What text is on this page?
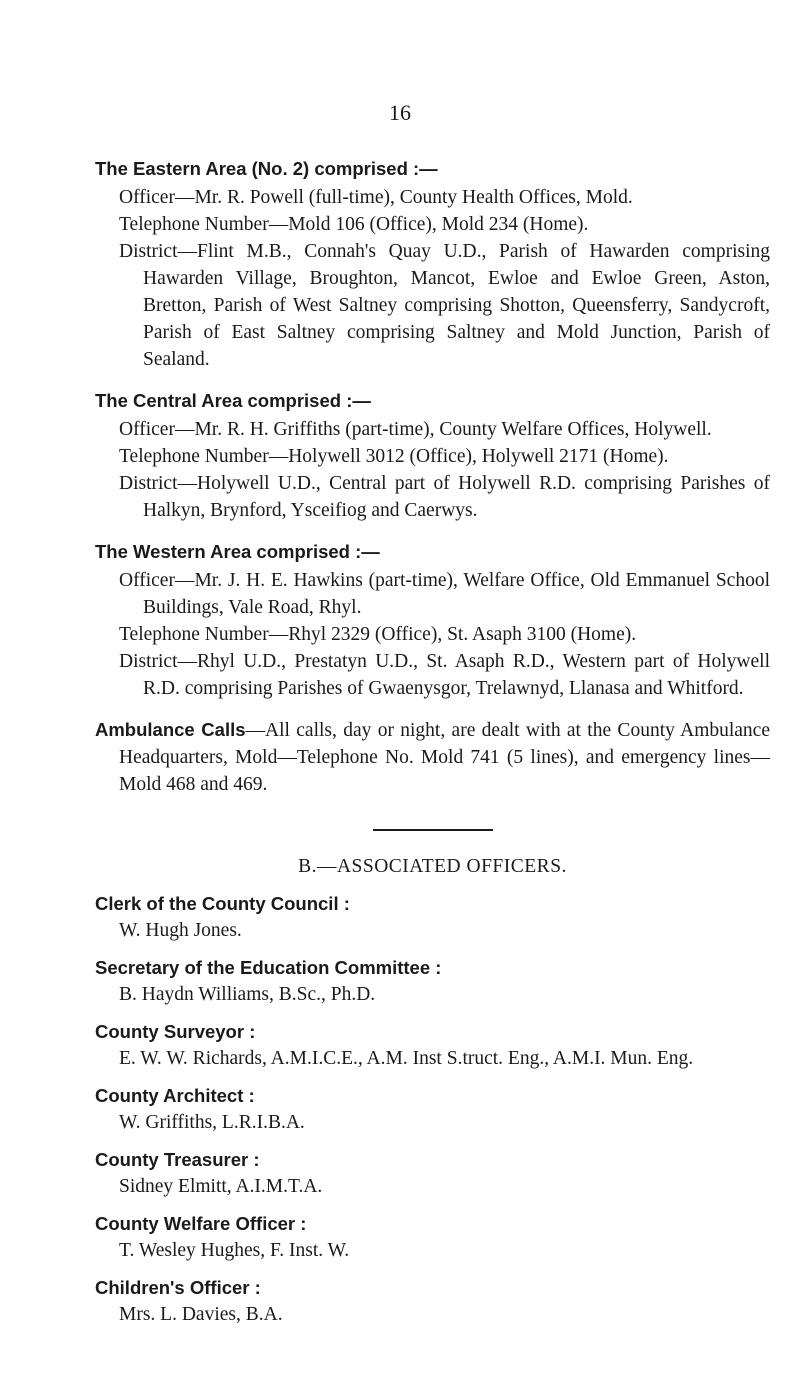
16
The Eastern Area (No. 2) comprised :—
Officer—Mr. R. Powell (full-time), County Health Offices, Mold.
Telephone Number—Mold 106 (Office), Mold 234 (Home).
District—Flint M.B., Connah's Quay U.D., Parish of Hawarden comprising Hawarden Village, Broughton, Mancot, Ewloe and Ewloe Green, Aston, Bretton, Parish of West Saltney comprising Shotton, Queensferry, Sandycroft, Parish of East Saltney comprising Saltney and Mold Junction, Parish of Sealand.
The Central Area comprised :—
Officer—Mr. R. H. Griffiths (part-time), County Welfare Offices, Holywell.
Telephone Number—Holywell 3012 (Office), Holywell 2171 (Home).
District—Holywell U.D., Central part of Holywell R.D. comprising Parishes of Halkyn, Brynford, Ysceifiog and Caerwys.
The Western Area comprised :—
Officer—Mr. J. H. E. Hawkins (part-time), Welfare Office, Old Emmanuel School Buildings, Vale Road, Rhyl.
Telephone Number—Rhyl 2329 (Office), St. Asaph 3100 (Home).
District—Rhyl U.D., Prestatyn U.D., St. Asaph R.D., Western part of Holywell R.D. comprising Parishes of Gwaenysgor, Trelawnyd, Llanasa and Whitford.
Ambulance Calls—All calls, day or night, are dealt with at the County Ambulance Headquarters, Mold—Telephone No. Mold 741 (5 lines), and emergency lines—Mold 468 and 469.
B.—ASSOCIATED OFFICERS.
Clerk of the County Council :
W. Hugh Jones.
Secretary of the Education Committee :
B. Haydn Williams, B.Sc., Ph.D.
County Surveyor :
E. W. W. Richards, A.M.I.C.E., A.M. Inst S.truct. Eng., A.M.I. Mun. Eng.
County Architect :
W. Griffiths, L.R.I.B.A.
County Treasurer :
Sidney Elmitt, A.I.M.T.A.
County Welfare Officer :
T. Wesley Hughes, F. Inst. W.
Children's Officer :
Mrs. L. Davies, B.A.
